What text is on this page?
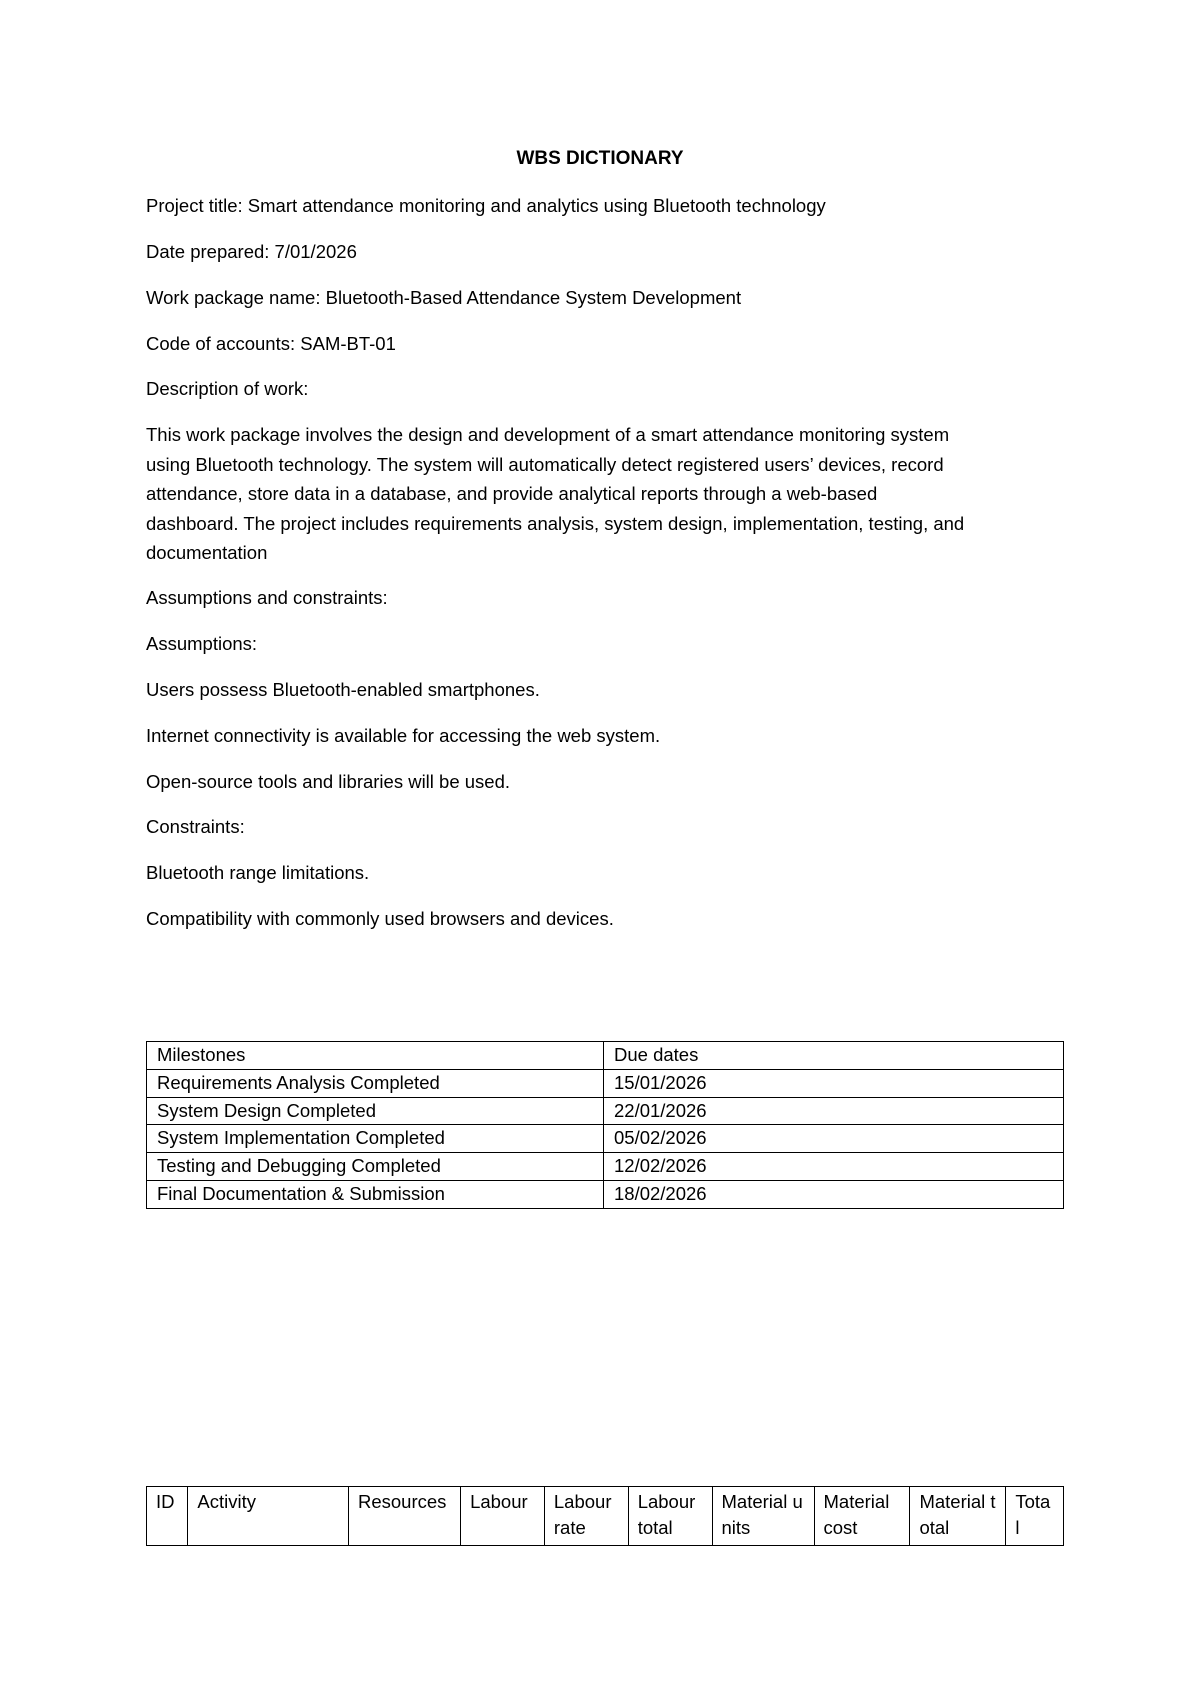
WBS DICTIONARY
Project title: Smart attendance monitoring and analytics using Bluetooth technology
Date prepared: 7/01/2026
Work package name: Bluetooth-Based Attendance System Development
Code of accounts: SAM-BT-01
Description of work:
This work package involves the design and development of a smart attendance monitoring system
using Bluetooth technology. The system will automatically detect registered users’ devices, record
attendance, store data in a database, and provide analytical reports through a web-based
dashboard. The project includes requirements analysis, system design, implementation, testing, and
documentation
Assumptions and constraints:
Assumptions:
Users possess Bluetooth-enabled smartphones.
Internet connectivity is available for accessing the web system.
Open-source tools and libraries will be used.
Constraints:
Bluetooth range limitations.
Compatibility with commonly used browsers and devices.
Milestones	Due dates
Requirements Analysis Completed	15/01/2026
System Design Completed	22/01/2026
System Implementation Completed	05/02/2026
Testing and Debugging Completed	12/02/2026
Final Documentation & Submission	18/02/2026
ID	Activity	Resources	Labour	Labour rate	Labour total	Material units	Material cost	Material total	Total
